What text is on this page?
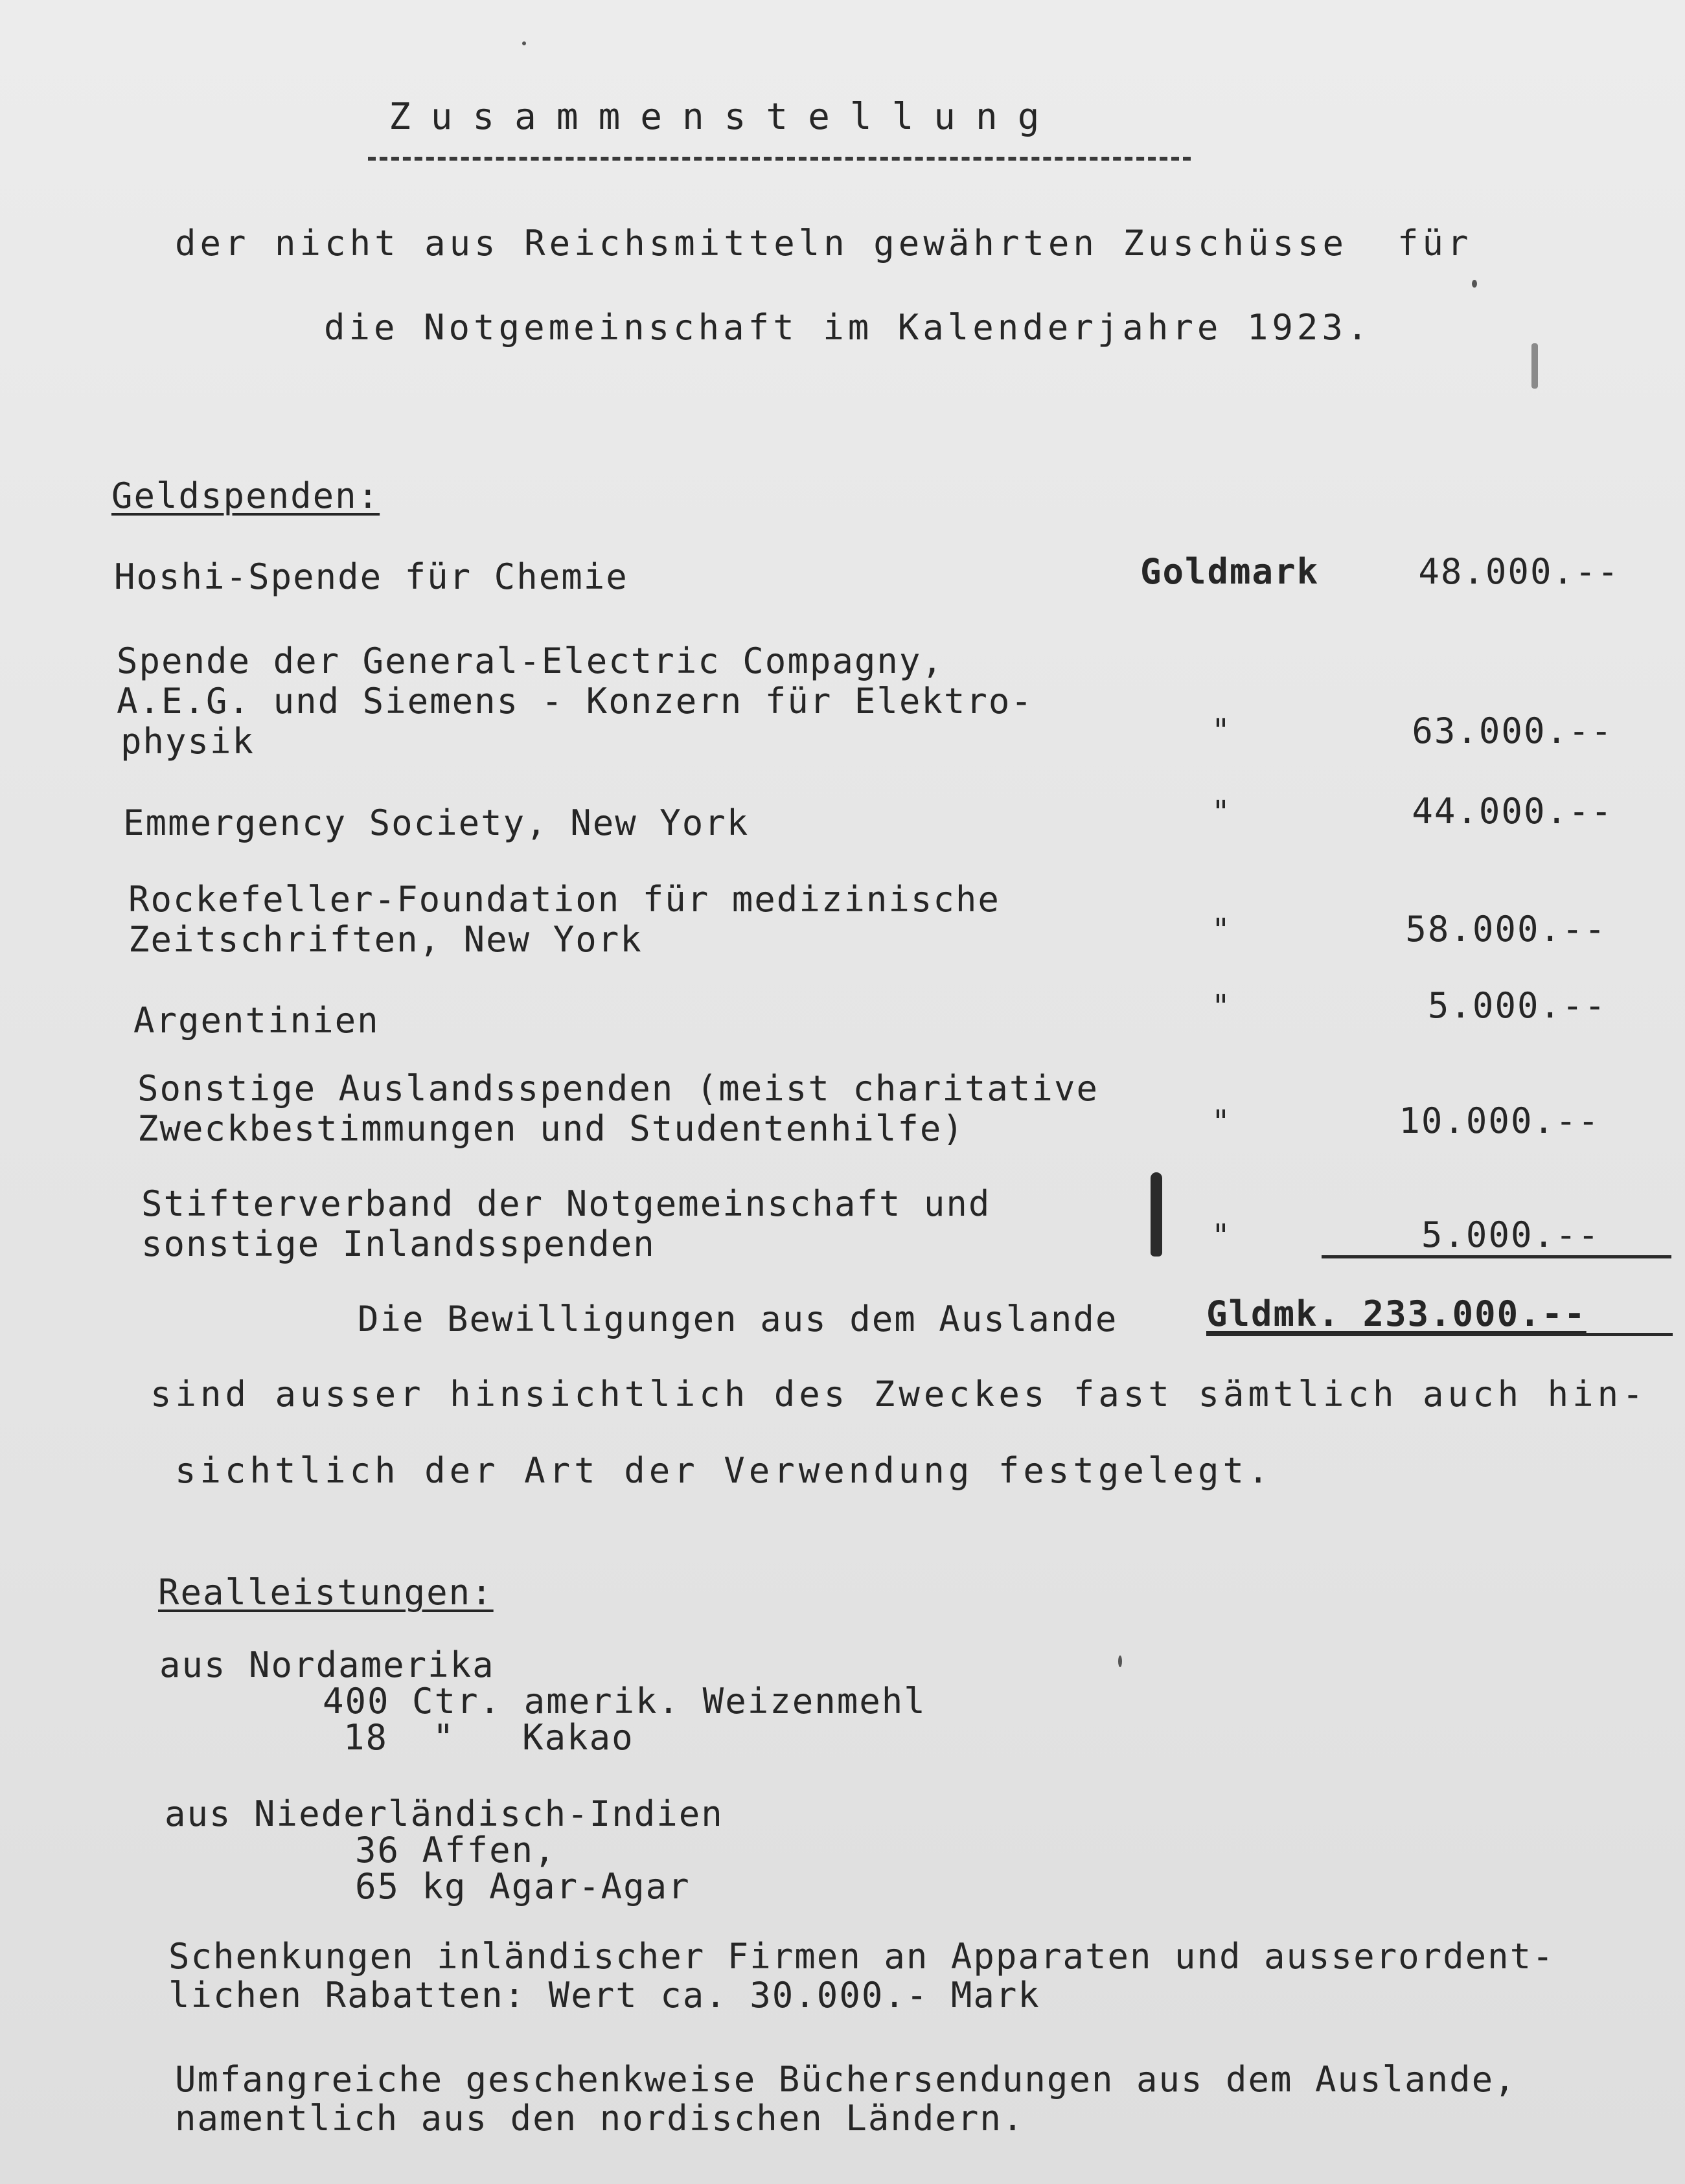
Zusammenstellung
der nicht aus Reichsmitteln gewährten Zuschüsse  für
die Notgemeinschaft im Kalenderjahre 1923.
Geldspenden:
Hoshi-Spende für Chemie	Goldmark	48.000.--
Spende der General-Electric Compagny,
A.E.G. und Siemens - Konzern für Elektro-
physik	"	63.000.--
Emmergency Society, New York	"	44.000.--
Rockefeller-Foundation für medizinische
Zeitschriften, New York	"	58.000.--
Argentinien	"	5.000.--
Sonstige Auslandsspenden (meist charitative
Zweckbestimmungen und Studentenhilfe)	"	10.000.--
Stifterverband der Notgemeinschaft und
sonstige Inlandsspenden	"	5.000.--
Die Bewilligungen aus dem Auslande	Gldmk. 233.000.--
sind ausser hinsichtlich des Zweckes fast sämtlich auch hin-
sichtlich der Art der Verwendung festgelegt.
Realleistungen:
aus Nordamerika
400 Ctr. amerik. Weizenmehl
18  "   Kakao
aus Niederländisch-Indien
36 Affen,
65 kg Agar-Agar
Schenkungen inländischer Firmen an Apparaten und ausserordent-
lichen Rabatten: Wert ca. 30.000.- Mark
Umfangreiche geschenkweise Büchersendungen aus dem Auslande,
namentlich aus den nordischen Ländern.
